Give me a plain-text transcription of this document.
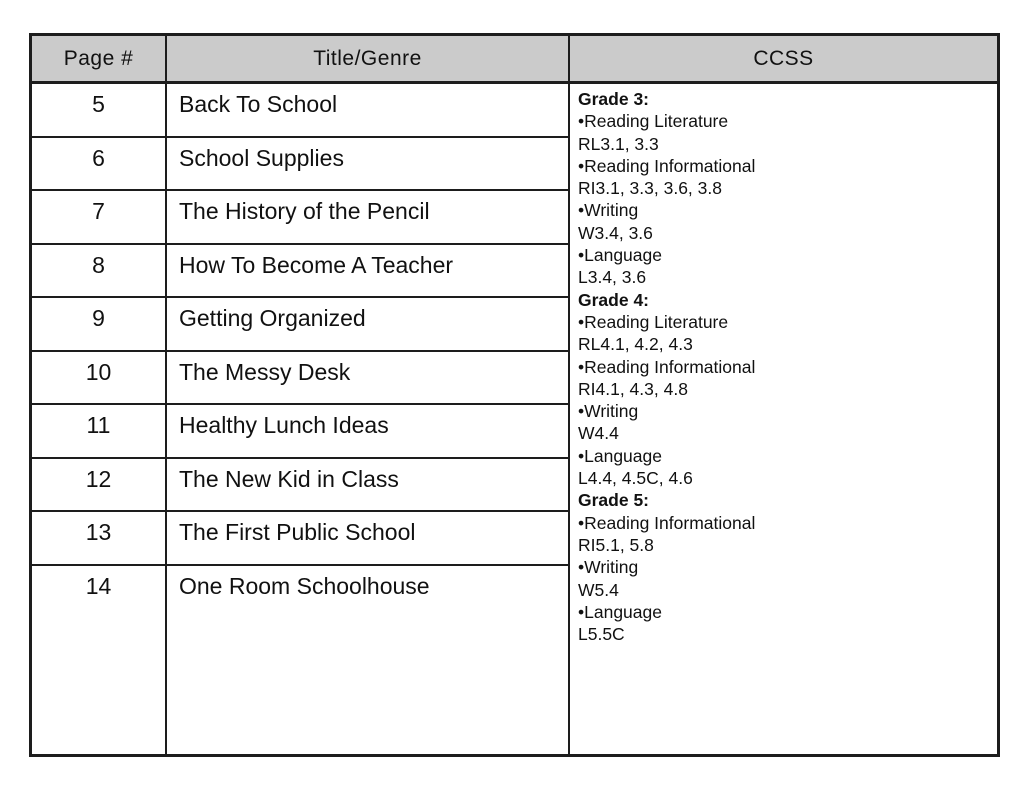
Page #	Title/Genre	CCSS
5	Back To School
6	School Supplies
7	The History of the Pencil
8	How To Become A Teacher
9	Getting Organized
10	The Messy Desk
11	Healthy Lunch Ideas
12	The New Kid in Class
13	The First Public School
14	One Room Schoolhouse
Grade 3:
•Reading Literature
RL3.1, 3.3
•Reading Informational
RI3.1, 3.3, 3.6, 3.8
•Writing
W3.4, 3.6
•Language
L3.4, 3.6
Grade 4:
•Reading Literature
RL4.1, 4.2, 4.3
•Reading Informational
RI4.1, 4.3, 4.8
•Writing
W4.4
•Language
L4.4, 4.5C, 4.6
Grade 5:
•Reading Informational
RI5.1, 5.8
•Writing
W5.4
•Language
L5.5C
